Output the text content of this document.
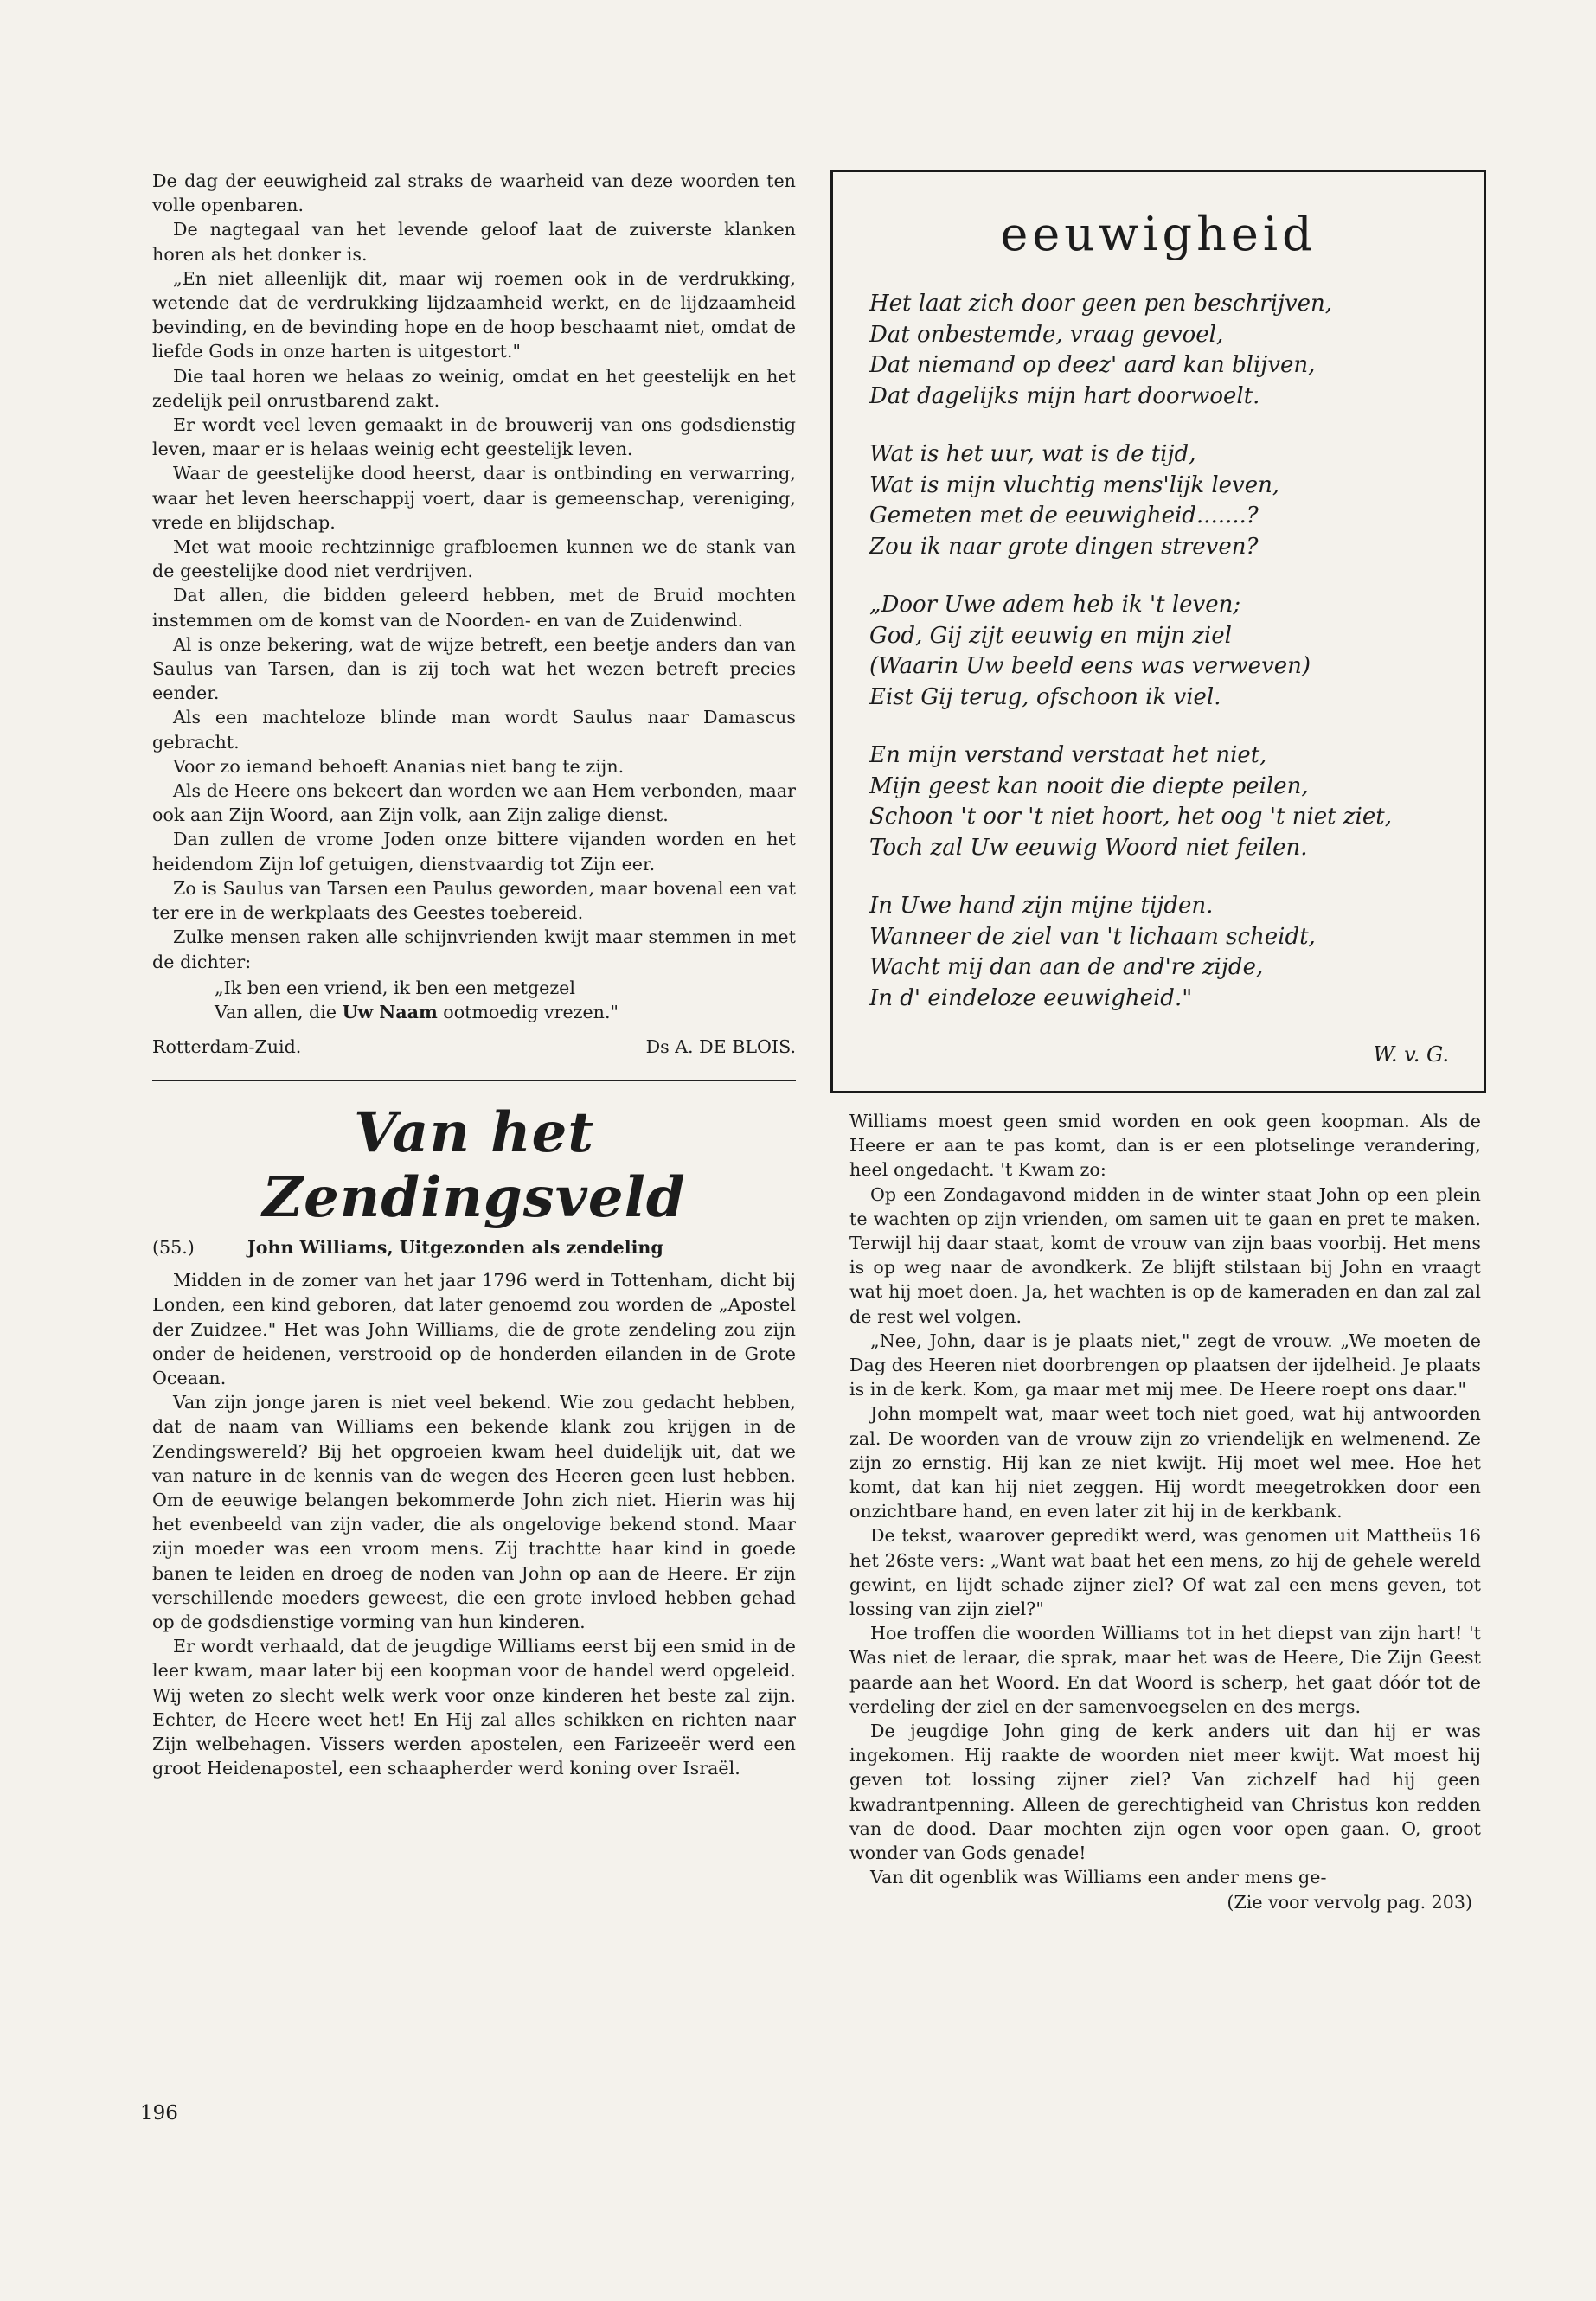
De dag der eeuwigheid zal straks de waarheid van deze woorden ten volle openbaren.

De nagtegaal van het levende geloof laat de zuiverste klanken horen als het donker is.

„En niet alleenlijk dit, maar wij roemen ook in de verdrukking, wetende dat de verdrukking lijdzaamheid werkt, en de lijdzaamheid bevinding, en de bevinding hope en de hoop beschaamt niet, omdat de liefde Gods in onze harten is uitgestort."

Die taal horen we helaas zo weinig, omdat en het geestelijk en het zedelijk peil onrustbarend zakt.

Er wordt veel leven gemaakt in de brouwerij van ons godsdienstig leven, maar er is helaas weinig echt geestelijk leven.

Waar de geestelijke dood heerst, daar is ontbinding en verwarring, waar het leven heerschappij voert, daar is gemeenschap, vereniging, vrede en blijdschap.

Met wat mooie rechtzinnige grafbloemen kunnen we de stank van de geestelijke dood niet verdrijven.

Dat allen, die bidden geleerd hebben, met de Bruid mochten instemmen om de komst van de Noorden- en van de Zuidenwind.

Al is onze bekering, wat de wijze betreft, een beetje anders dan van Saulus van Tarsen, dan is zij toch wat het wezen betreft precies eender.

Als een machteloze blinde man wordt Saulus naar Damascus gebracht.

Voor zo iemand behoeft Ananias niet bang te zijn.

Als de Heere ons bekeert dan worden we aan Hem verbonden, maar ook aan Zijn Woord, aan Zijn volk, aan Zijn zalige dienst.

Dan zullen de vrome Joden onze bittere vijanden worden en het heidendom Zijn lof getuigen, dienstvaardig tot Zijn eer.

Zo is Saulus van Tarsen een Paulus geworden, maar bovenal een vat ter ere in de werkplaats des Geestes toebereid.

Zulke mensen raken alle schijnvrienden kwijt maar stemmen in met de dichter:

„Ik ben een vriend, ik ben een metgezel
Van allen, die Uw Naam ootmoedig vrezen."
Rotterdam-Zuid.	Ds A. DE BLOIS.
Van het Zendingsveld
(55.)	John Williams, Uitgezonden als zendeling

Midden in de zomer van het jaar 1796 werd in Tottenham, dicht bij Londen, een kind geboren, dat later genoemd zou worden de „Apostel der Zuidzee." Het was John Williams, die de grote zendeling zou zijn onder de heidenen, verstrooid op de honderden eilanden in de Grote Oceaan.

Van zijn jonge jaren is niet veel bekend. Wie zou gedacht hebben, dat de naam van Williams een bekende klank zou krijgen in de Zendingswereld? Bij het opgroeien kwam heel duidelijk uit, dat we van nature in de kennis van de wegen des Heeren geen lust hebben. Om de eeuwige belangen bekommerde John zich niet. Hierin was hij het evenbeeld van zijn vader, die als ongelovige bekend stond. Maar zijn moeder was een vroom mens. Zij trachtte haar kind in goede banen te leiden en droeg de noden van John op aan de Heere. Er zijn verschillende moeders geweest, die een grote invloed hebben gehad op de godsdienstige vorming van hun kinderen.

Er wordt verhaald, dat de jeugdige Williams eerst bij een smid in de leer kwam, maar later bij een koopman voor de handel werd opgeleid. Wij weten zo slecht welk werk voor onze kinderen het beste zal zijn. Echter, de Heere weet het! En Hij zal alles schikken en richten naar Zijn welbehagen. Vissers werden apostelen, een Farizeeër werd een groot Heidenapostel, een schaapherder werd koning over Israël.

eeuwigheid
Het laat zich door geen pen beschrijven,
Dat onbestemde, vraag gevoel,
Dat niemand op deez' aard kan blijven,
Dat dagelijks mijn hart doorwoelt.
Wat is het uur, wat is de tijd,
Wat is mijn vluchtig mens'lijk leven,
Gemeten met de eeuwigheid.......?
Zou ik naar grote dingen streven?
„Door Uwe adem heb ik 't leven;
God, Gij zijt eeuwig en mijn ziel
(Waarin Uw beeld eens was verweven)
Eist Gij terug, ofschoon ik viel.
En mijn verstand verstaat het niet,
Mijn geest kan nooit die diepte peilen,
Schoon 't oor 't niet hoort, het oog 't niet ziet,
Toch zal Uw eeuwig Woord niet feilen.
In Uwe hand zijn mijne tijden.
Wanneer de ziel van 't lichaam scheidt,
Wacht mij dan aan de and're zijde,
In d' eindeloze eeuwigheid."
W. v. G.

Williams moest geen smid worden en ook geen koopman. Als de Heere er aan te pas komt, dan is er een plotselinge verandering, heel ongedacht. 't Kwam zo:

Op een Zondagavond midden in de winter staat John op een plein te wachten op zijn vrienden, om samen uit te gaan en pret te maken. Terwijl hij daar staat, komt de vrouw van zijn baas voorbij. Het mens is op weg naar de avondkerk. Ze blijft stilstaan bij John en vraagt wat hij moet doen. Ja, het wachten is op de kameraden en dan zal zal de rest wel volgen.

„Nee, John, daar is je plaats niet," zegt de vrouw. „We moeten de Dag des Heeren niet doorbrengen op plaatsen der ijdelheid. Je plaats is in de kerk. Kom, ga maar met mij mee. De Heere roept ons daar."

John mompelt wat, maar weet toch niet goed, wat hij antwoorden zal. De woorden van de vrouw zijn zo vriendelijk en welmenend. Ze zijn zo ernstig. Hij kan ze niet kwijt. Hij moet wel mee. Hoe het komt, dat kan hij niet zeggen. Hij wordt meegetrokken door een onzichtbare hand, en even later zit hij in de kerkbank.

De tekst, waarover gepredikt werd, was genomen uit Mattheüs 16 het 26ste vers: „Want wat baat het een mens, zo hij de gehele wereld gewint, en lijdt schade zijner ziel? Of wat zal een mens geven, tot lossing van zijn ziel?"

Hoe troffen die woorden Williams tot in het diepst van zijn hart! 't Was niet de leraar, die sprak, maar het was de Heere, Die Zijn Geest paarde aan het Woord. En dat Woord is scherp, het gaat dóór tot de verdeling der ziel en der samenvoegselen en des mergs.

De jeugdige John ging de kerk anders uit dan hij er was ingekomen. Hij raakte de woorden niet meer kwijt. Wat moest hij geven tot lossing zijner ziel? Van zichzelf had hij geen kwadrantpenning. Alleen de gerechtigheid van Christus kon redden van de dood. Daar mochten zijn ogen voor open gaan. O, groot wonder van Gods genade!

Van dit ogenblik was Williams een ander mens ge-

(Zie voor vervolg pag. 203)
196
